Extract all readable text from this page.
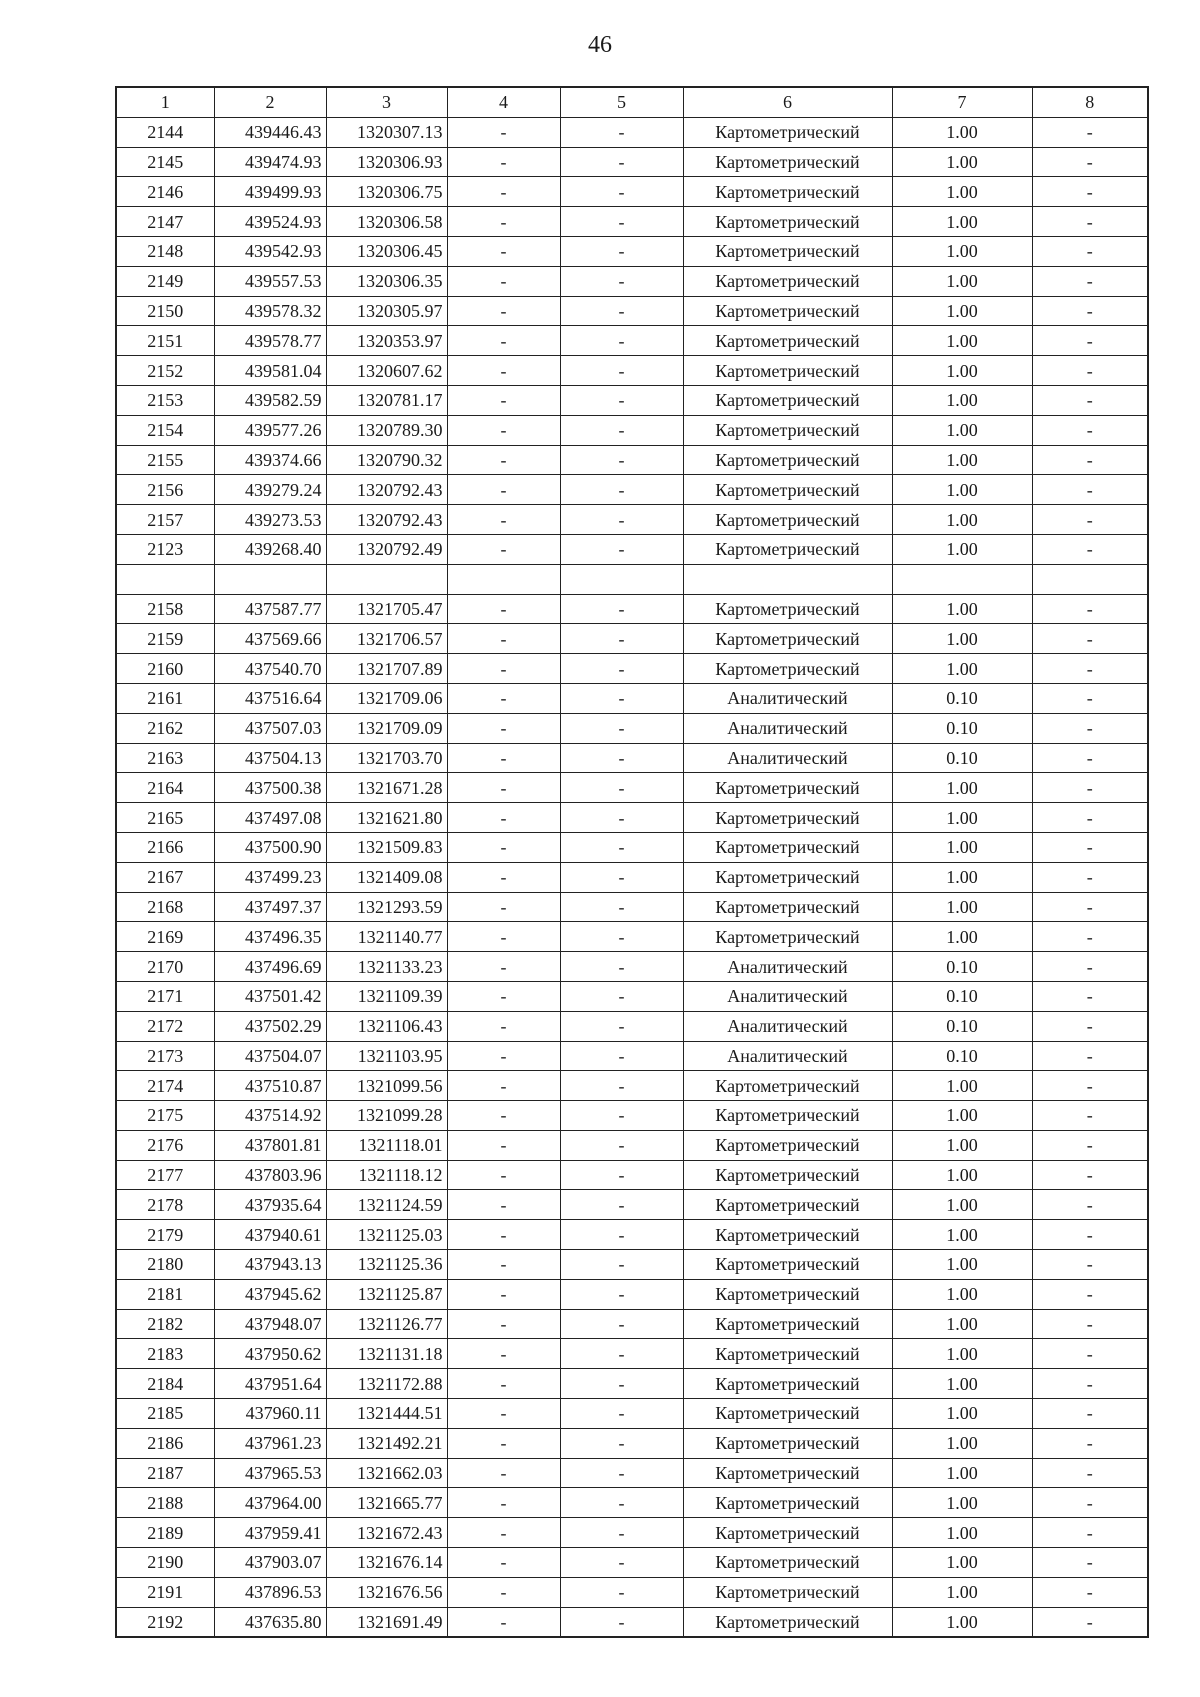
46
1	2	3	4	5	6	7	8
2144	439446.43	1320307.13	-	-	Картометрический	1.00	-
2145	439474.93	1320306.93	-	-	Картометрический	1.00	-
2146	439499.93	1320306.75	-	-	Картометрический	1.00	-
2147	439524.93	1320306.58	-	-	Картометрический	1.00	-
2148	439542.93	1320306.45	-	-	Картометрический	1.00	-
2149	439557.53	1320306.35	-	-	Картометрический	1.00	-
2150	439578.32	1320305.97	-	-	Картометрический	1.00	-
2151	439578.77	1320353.97	-	-	Картометрический	1.00	-
2152	439581.04	1320607.62	-	-	Картометрический	1.00	-
2153	439582.59	1320781.17	-	-	Картометрический	1.00	-
2154	439577.26	1320789.30	-	-	Картометрический	1.00	-
2155	439374.66	1320790.32	-	-	Картометрический	1.00	-
2156	439279.24	1320792.43	-	-	Картометрический	1.00	-
2157	439273.53	1320792.43	-	-	Картометрический	1.00	-
2123	439268.40	1320792.49	-	-	Картометрический	1.00	-

2158	437587.77	1321705.47	-	-	Картометрический	1.00	-
2159	437569.66	1321706.57	-	-	Картометрический	1.00	-
2160	437540.70	1321707.89	-	-	Картометрический	1.00	-
2161	437516.64	1321709.06	-	-	Аналитический	0.10	-
2162	437507.03	1321709.09	-	-	Аналитический	0.10	-
2163	437504.13	1321703.70	-	-	Аналитический	0.10	-
2164	437500.38	1321671.28	-	-	Картометрический	1.00	-
2165	437497.08	1321621.80	-	-	Картометрический	1.00	-
2166	437500.90	1321509.83	-	-	Картометрический	1.00	-
2167	437499.23	1321409.08	-	-	Картометрический	1.00	-
2168	437497.37	1321293.59	-	-	Картометрический	1.00	-
2169	437496.35	1321140.77	-	-	Картометрический	1.00	-
2170	437496.69	1321133.23	-	-	Аналитический	0.10	-
2171	437501.42	1321109.39	-	-	Аналитический	0.10	-
2172	437502.29	1321106.43	-	-	Аналитический	0.10	-
2173	437504.07	1321103.95	-	-	Аналитический	0.10	-
2174	437510.87	1321099.56	-	-	Картометрический	1.00	-
2175	437514.92	1321099.28	-	-	Картометрический	1.00	-
2176	437801.81	1321118.01	-	-	Картометрический	1.00	-
2177	437803.96	1321118.12	-	-	Картометрический	1.00	-
2178	437935.64	1321124.59	-	-	Картометрический	1.00	-
2179	437940.61	1321125.03	-	-	Картометрический	1.00	-
2180	437943.13	1321125.36	-	-	Картометрический	1.00	-
2181	437945.62	1321125.87	-	-	Картометрический	1.00	-
2182	437948.07	1321126.77	-	-	Картометрический	1.00	-
2183	437950.62	1321131.18	-	-	Картометрический	1.00	-
2184	437951.64	1321172.88	-	-	Картометрический	1.00	-
2185	437960.11	1321444.51	-	-	Картометрический	1.00	-
2186	437961.23	1321492.21	-	-	Картометрический	1.00	-
2187	437965.53	1321662.03	-	-	Картометрический	1.00	-
2188	437964.00	1321665.77	-	-	Картометрический	1.00	-
2189	437959.41	1321672.43	-	-	Картометрический	1.00	-
2190	437903.07	1321676.14	-	-	Картометрический	1.00	-
2191	437896.53	1321676.56	-	-	Картометрический	1.00	-
2192	437635.80	1321691.49	-	-	Картометрический	1.00	-
